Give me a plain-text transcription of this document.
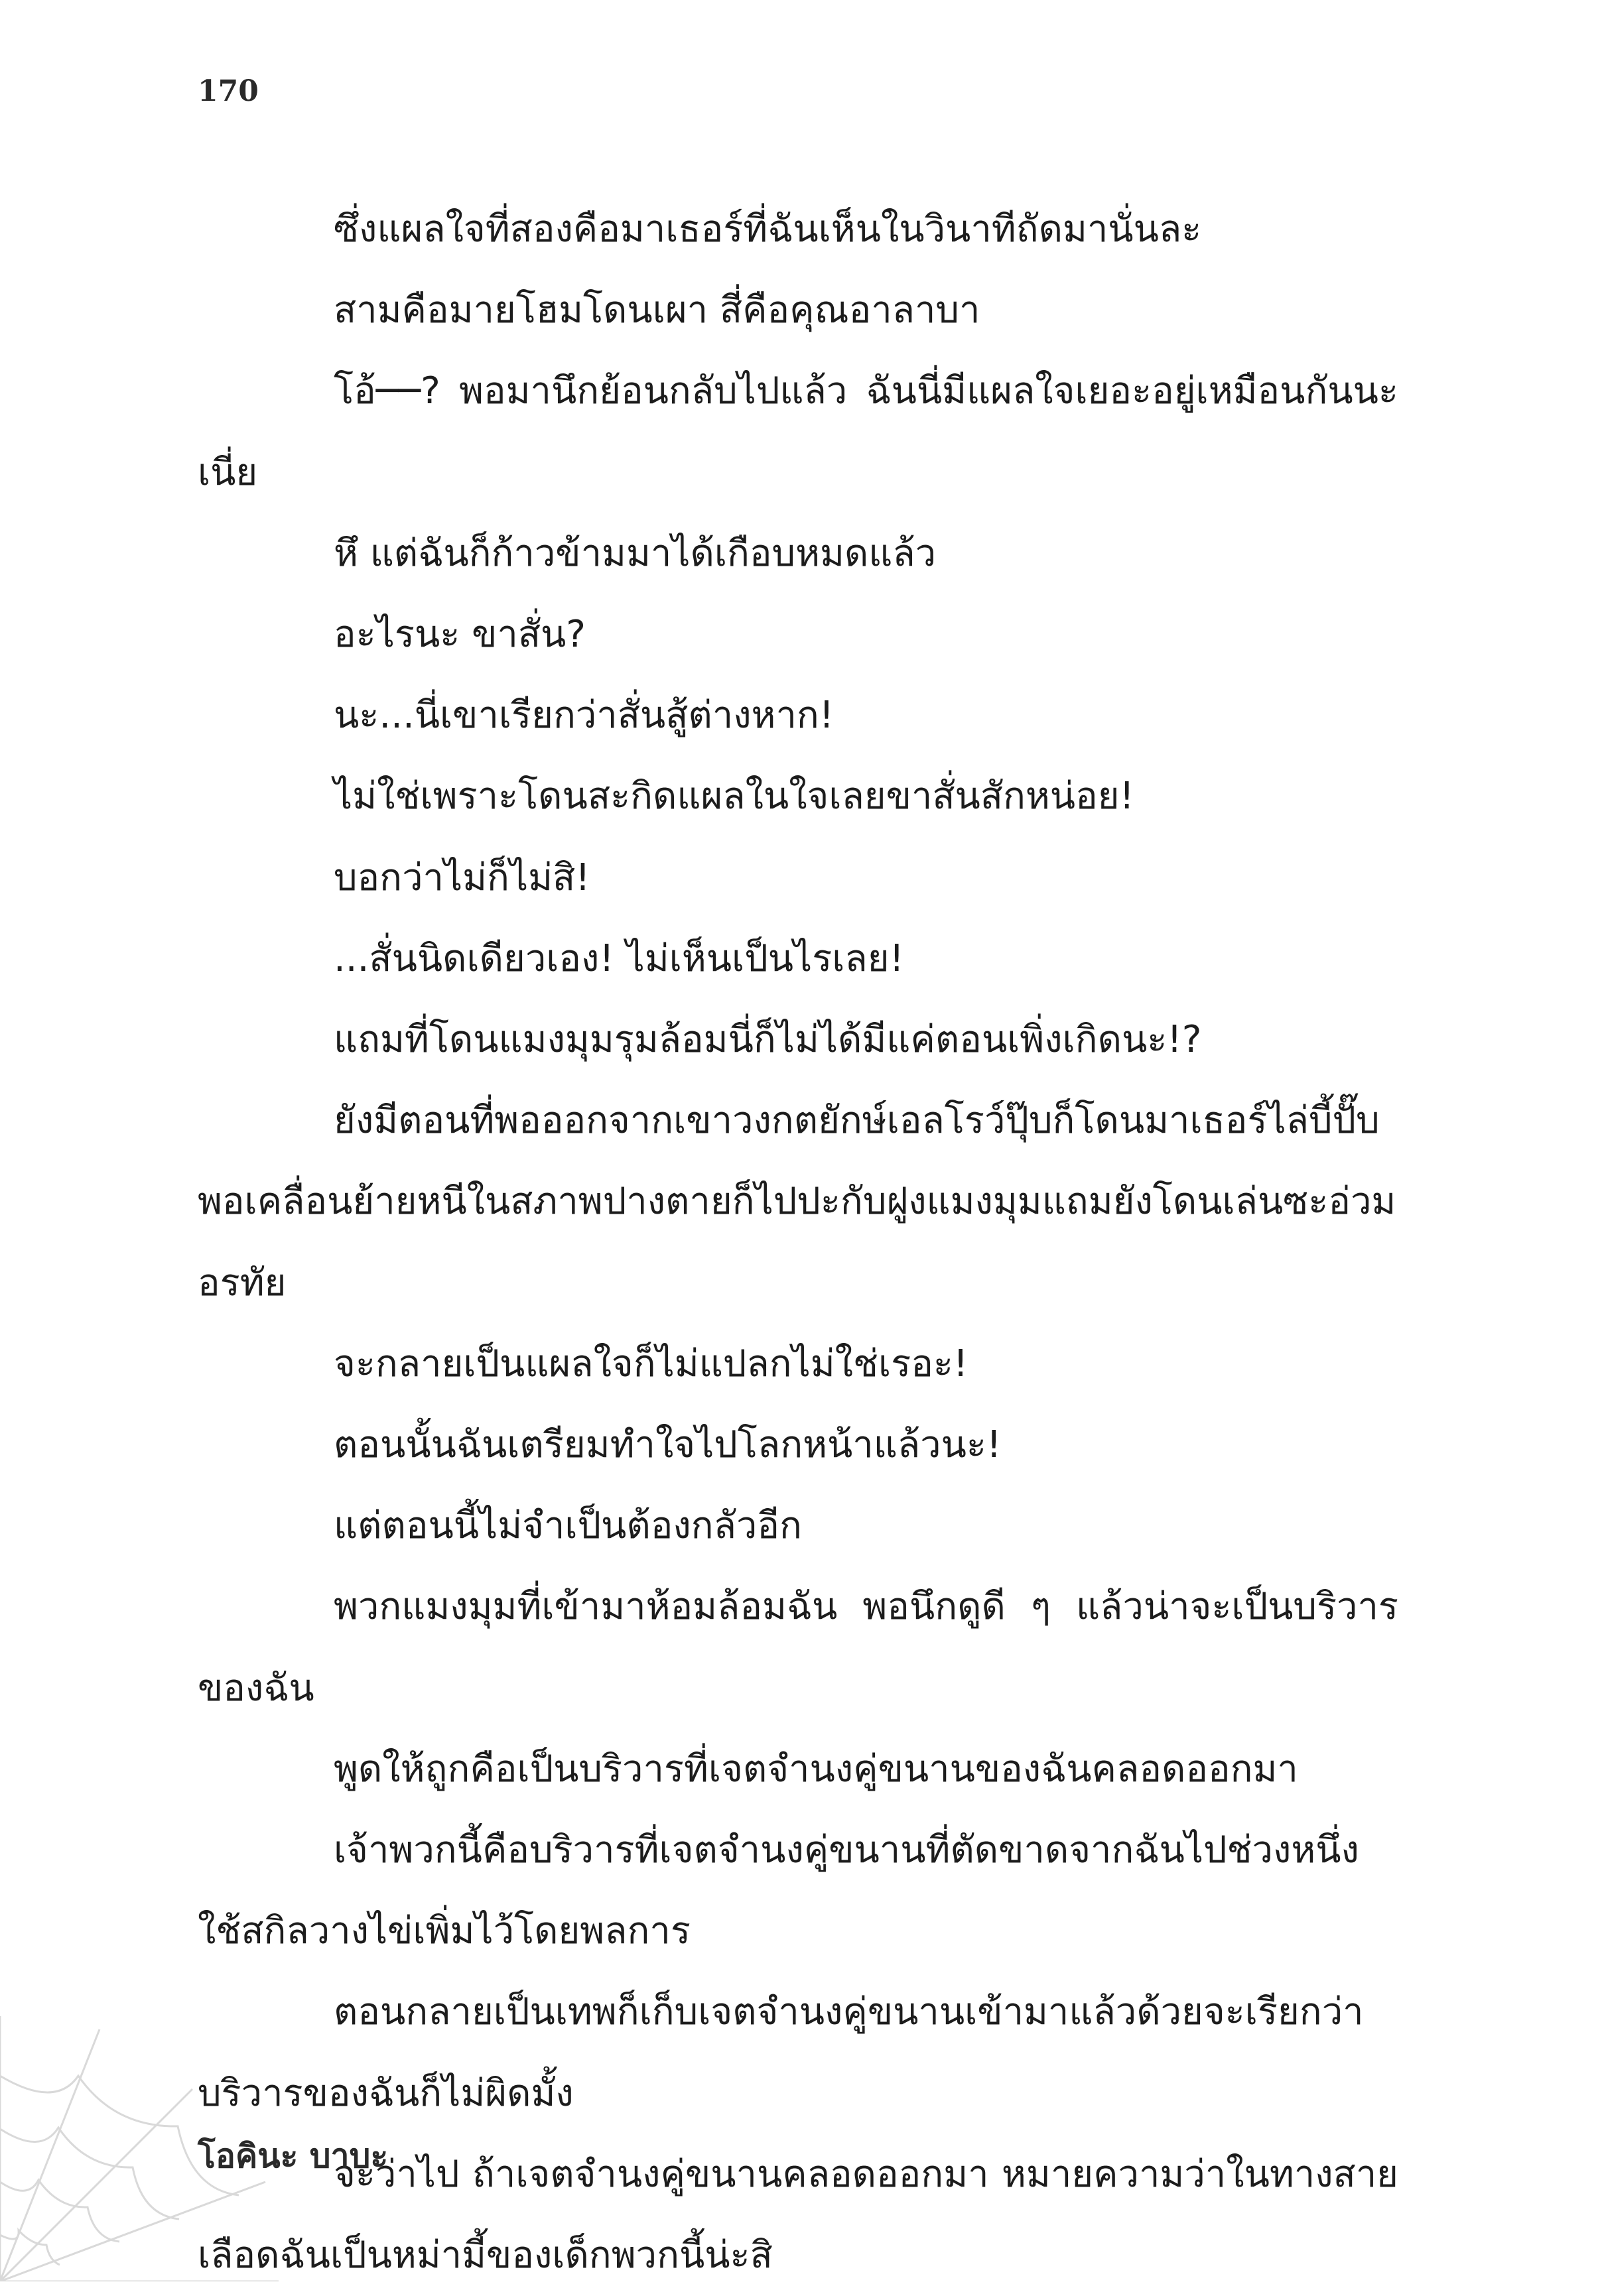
170

ซึ่งแผลใจที่สองคือมาเธอร์ที่ฉันเห็นในวินาทีถัดมานั่นละ

สามคือมายโฮมโดนเผา สี่คือคุณอาลาบา

โอ้──? พอมานึกย้อนกลับไปแล้ว ฉันนี่มีแผลใจเยอะอยู่เหมือนกันนะเนี่ย

หึ แต่ฉันก็ก้าวข้ามมาได้เกือบหมดแล้ว

อะไรนะ ขาสั่น?

นะ...นี่เขาเรียกว่าสั่นสู้ต่างหาก!

ไม่ใช่เพราะโดนสะกิดแผลในใจเลยขาสั่นสักหน่อย!

บอกว่าไม่ก็ไม่สิ!

...สั่นนิดเดียวเอง! ไม่เห็นเป็นไรเลย!

แถมที่โดนแมงมุมรุมล้อมนี่ก็ไม่ได้มีแค่ตอนเพิ่งเกิดนะ!?

ยังมีตอนที่พอออกจากเขาวงกตยักษ์เอลโรว์ปุ๊บก็โดนมาเธอร์ไล่บี้ปั๊บ พอเคลื่อนย้ายหนีในสภาพปางตายก็ไปปะกับฝูงแมงมุมแถมยังโดนเล่นซะอ่วมอรทัย

จะกลายเป็นแผลใจก็ไม่แปลกไม่ใช่เรอะ!

ตอนนั้นฉันเตรียมทำใจไปโลกหน้าแล้วนะ!

แต่ตอนนี้ไม่จำเป็นต้องกลัวอีก

พวกแมงมุมที่เข้ามาห้อมล้อมฉัน พอนึกดูดี ๆ แล้วน่าจะเป็นบริวารของฉัน

พูดให้ถูกคือเป็นบริวารที่เจตจำนงคู่ขนานของฉันคลอดออกมา

เจ้าพวกนี้คือบริวารที่เจตจำนงคู่ขนานที่ตัดขาดจากฉันไปช่วงหนึ่งใช้สกิลวางไข่เพิ่มไว้โดยพลการ

ตอนกลายเป็นเทพก็เก็บเจตจำนงคู่ขนานเข้ามาแล้วด้วยจะเรียกว่าบริวารของฉันก็ไม่ผิดมั้ง

จะว่าไป ถ้าเจตจำนงคู่ขนานคลอดออกมา หมายความว่าในทางสายเลือดฉันเป็นหม่ามี้ของเด็กพวกนี้น่ะสิ

โอคินะ บาบะ
